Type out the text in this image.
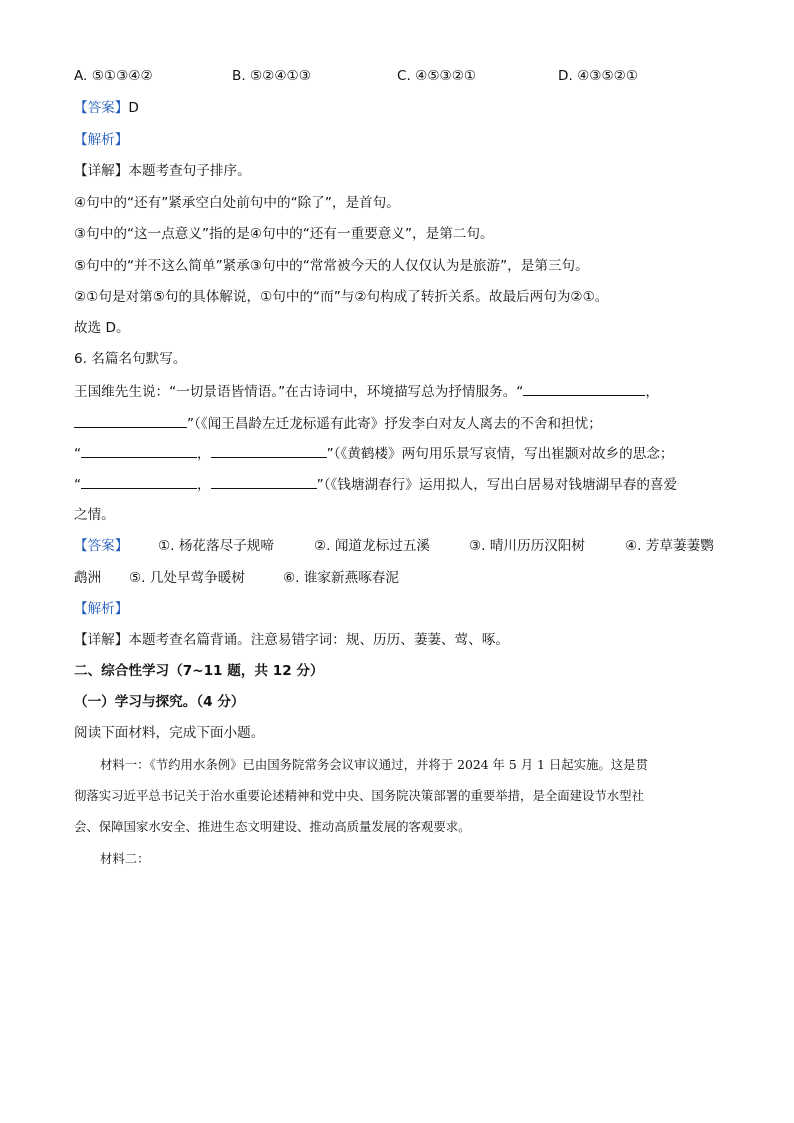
A. ⑤①③④②	B. ⑤②④①③	C. ④⑤③②①	D. ④③⑤②①
【答案】D
【解析】
【详解】本题考查句子排序。
④句中的“还有”紧承空白处前句中的“除了”，是首句。
③句中的“这一点意义”指的是④句中的“还有一重要意义”，是第二句。
⑤句中的“并不这么简单”紧承③句中的“常常被今天的人仅仅认为是旅游”，是第三句。
②①句是对第⑤句的具体解说，①句中的“而”与②句构成了转折关系。故最后两句为②①。
故选 D。
6. 名篇名句默写。
王国维先生说：“一切景语皆情语。”在古诗词中，环境描写总为抒情服务。“	，
”（《闻王昌龄左迁龙标遥有此寄》抒发李白对友人离去的不舍和担忧；
“	，	”（《黄鹤楼》两句用乐景写哀情，写出崔颢对故乡的思念；
“	，	”（《钱塘湖春行》运用拟人，写出白居易对钱塘湖早春的喜爱
之情。
【答案】 ①. 杨花落尽子规啼	②. 闻道龙标过五溪	③. 晴川历历汉阳树	④. 芳草萋萋鹦
鹉洲 ⑤. 几处早莺争暖树	⑥. 谁家新燕啄春泥
【解析】
【详解】本题考查名篇背诵。注意易错字词：规、历历、萋萋、莺、啄。
二、综合性学习（7~11 题，共 12 分）
（一）学习与探究。（4 分）
阅读下面材料，完成下面小题。
材料一：《节约用水条例》已由国务院常务会议审议通过，并将于 2024 年 5 月 1 日起实施。这是贯
彻落实习近平总书记关于治水重要论述精神和党中央、国务院决策部署的重要举措，是全面建设节水型社
会、保障国家水安全、推进生态文明建设、推动高质量发展的客观要求。
材料二：
